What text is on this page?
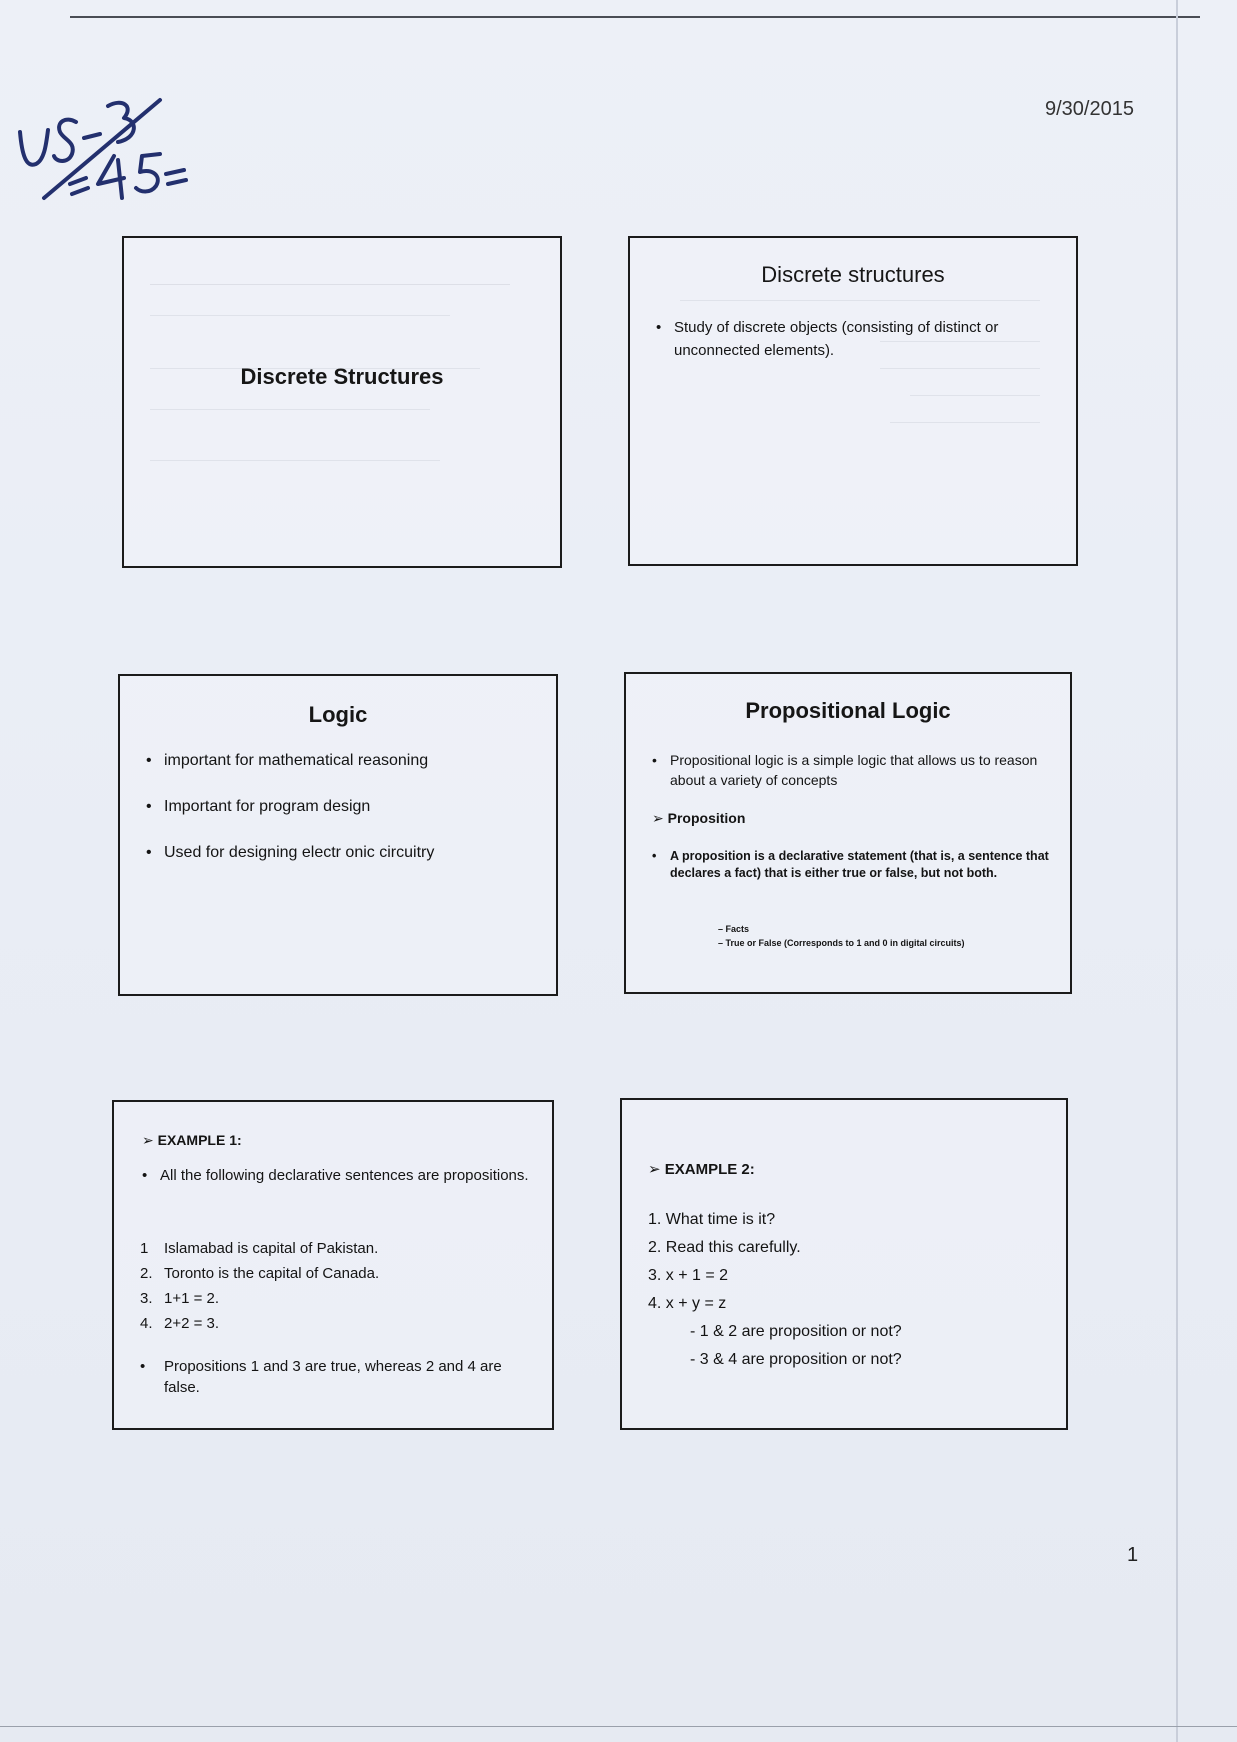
9/30/2015
Discrete Structures
Discrete structures
• Study of discrete objects (consisting of distinct or unconnected elements).
Logic
• important for mathematical reasoning
• Important for program design
• Used for designing electr onic circuitry
Propositional Logic
• Propositional logic is a simple logic that allows us to reason about a variety of concepts
➢ Proposition
• A proposition is a declarative statement (that is, a sentence that declares a fact) that is either true or false, but not both.
– Facts
– True or False (Corresponds to 1 and 0 in digital circuits)
➢ EXAMPLE 1:
• All the following declarative sentences are propositions.
1 Islamabad is capital of Pakistan.
2. Toronto is the capital of Canada.
3. 1+1 = 2.
4. 2+2 = 3.
• Propositions 1 and 3 are true, whereas 2 and 4 are false.
➢ EXAMPLE 2:
1. What time is it?
2. Read this carefully.
3. x + 1 = 2
4. x + y = z
- 1 & 2 are proposition or not?
- 3 & 4 are proposition or not?
1
